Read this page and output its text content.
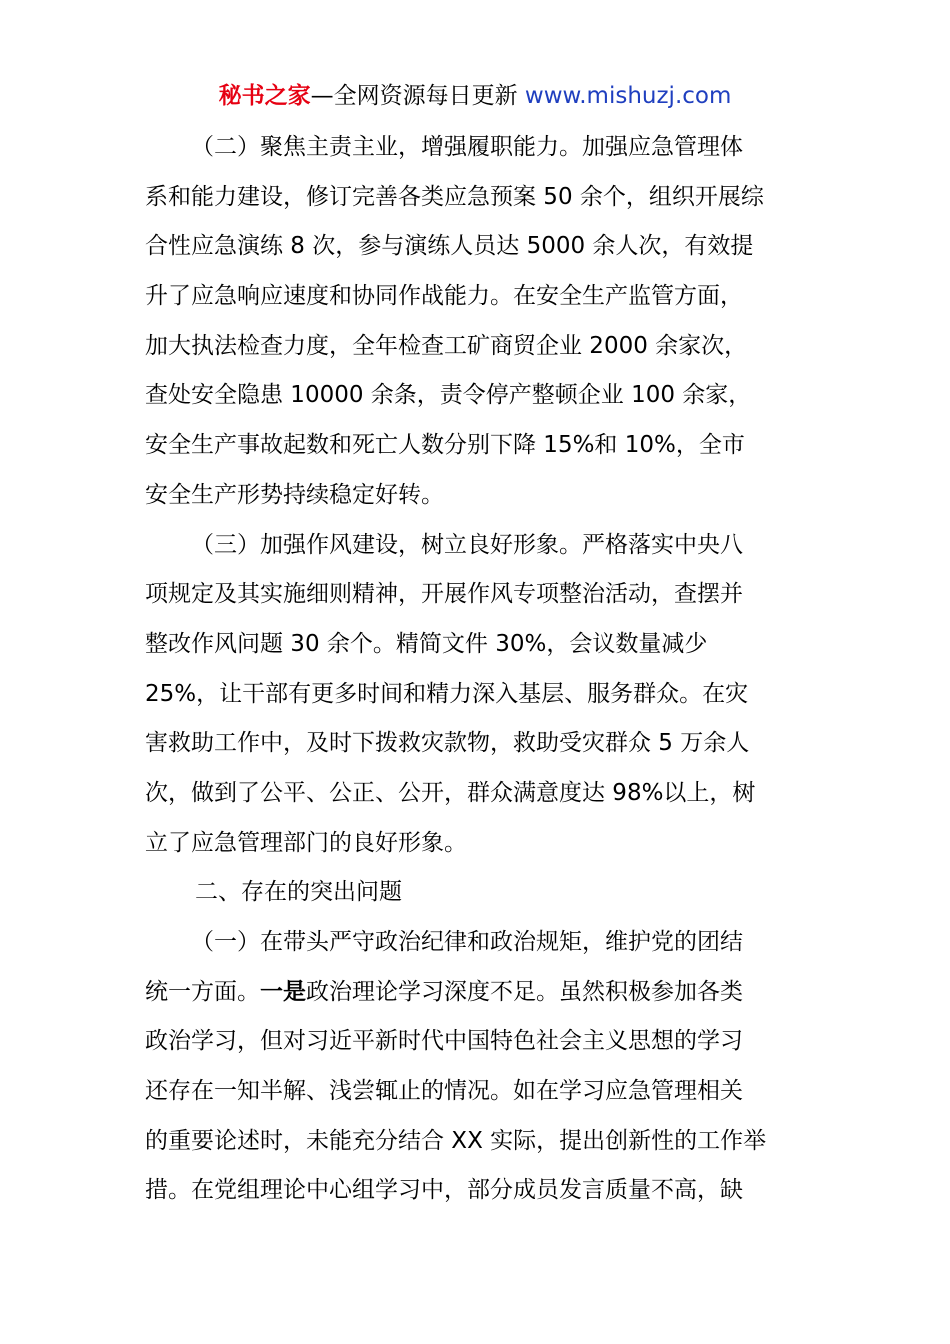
秘书之家—全网资源每日更新 www.mishuzj.com
（二）聚焦主责主业，增强履职能力。加强应急管理体
系和能力建设，修订完善各类应急预案 50 余个，组织开展综
合性应急演练 8 次，参与演练人员达 5000 余人次，有效提
升了应急响应速度和协同作战能力。在安全生产监管方面，
加大执法检查力度，全年检查工矿商贸企业 2000 余家次，
查处安全隐患 10000 余条，责令停产整顿企业 100 余家，
安全生产事故起数和死亡人数分别下降 15%和 10%，全市
安全生产形势持续稳定好转。
（三）加强作风建设，树立良好形象。严格落实中央八
项规定及其实施细则精神，开展作风专项整治活动，查摆并
整改作风问题 30 余个。精简文件 30%，会议数量减少
25%，让干部有更多时间和精力深入基层、服务群众。在灾
害救助工作中，及时下拨救灾款物，救助受灾群众 5 万余人
次，做到了公平、公正、公开，群众满意度达 98%以上，树
立了应急管理部门的良好形象。
二、存在的突出问题
（一）在带头严守政治纪律和政治规矩，维护党的团结
统一方面。一是政治理论学习深度不足。虽然积极参加各类
政治学习，但对习近平新时代中国特色社会主义思想的学习
还存在一知半解、浅尝辄止的情况。如在学习应急管理相关
的重要论述时，未能充分结合 XX 实际，提出创新性的工作举
措。在党组理论中心组学习中，部分成员发言质量不高，缺
